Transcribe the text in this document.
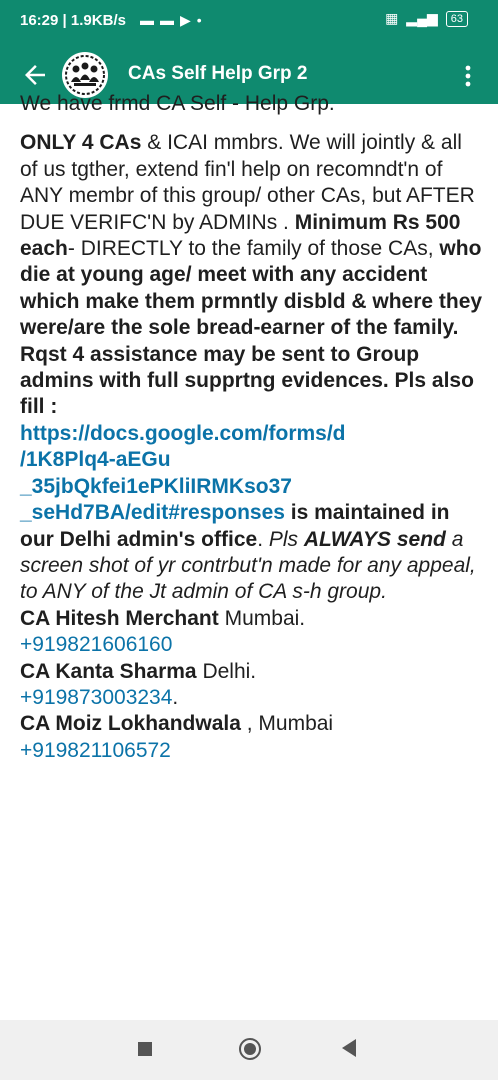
16:29 | 1.9KB/s ▬ ▬ ▶ •	▦ ▂▄▆	63
CAs Self Help Grp 2

We have frmd CA Self - Help Grp.

ONLY 4 CAs & ICAI mmbrs. We will jointly & all of us tgther, extend fin'l help on recomndt'n of ANY membr of this group/ other CAs, but AFTER DUE VERIFC'N by ADMINs . Minimum Rs 500 each- DIRECTLY to the family of those CAs, who die at young age/ meet with any accident which make them prmntly disbld & where they were/are the sole bread-earner of the family. Rqst 4 assistance may be sent to Group admins with full supprtng evidences. Pls also fill :
https://docs.google.com/forms/d
/1K8Plq4-aEGu
_35jbQkfei1ePKliIRMKso37
_seHd7BA/edit#responses is maintained in our Delhi admin's office. Pls ALWAYS send a screen shot of yr contrbut'n made for any appeal, to ANY of the Jt admin of CA s-h group.

CA Hitesh Merchant Mumbai.

+919821606160

CA Kanta Sharma Delhi.

+919873003234.

CA Moiz Lokhandwala , Mumbai

+919821106572
